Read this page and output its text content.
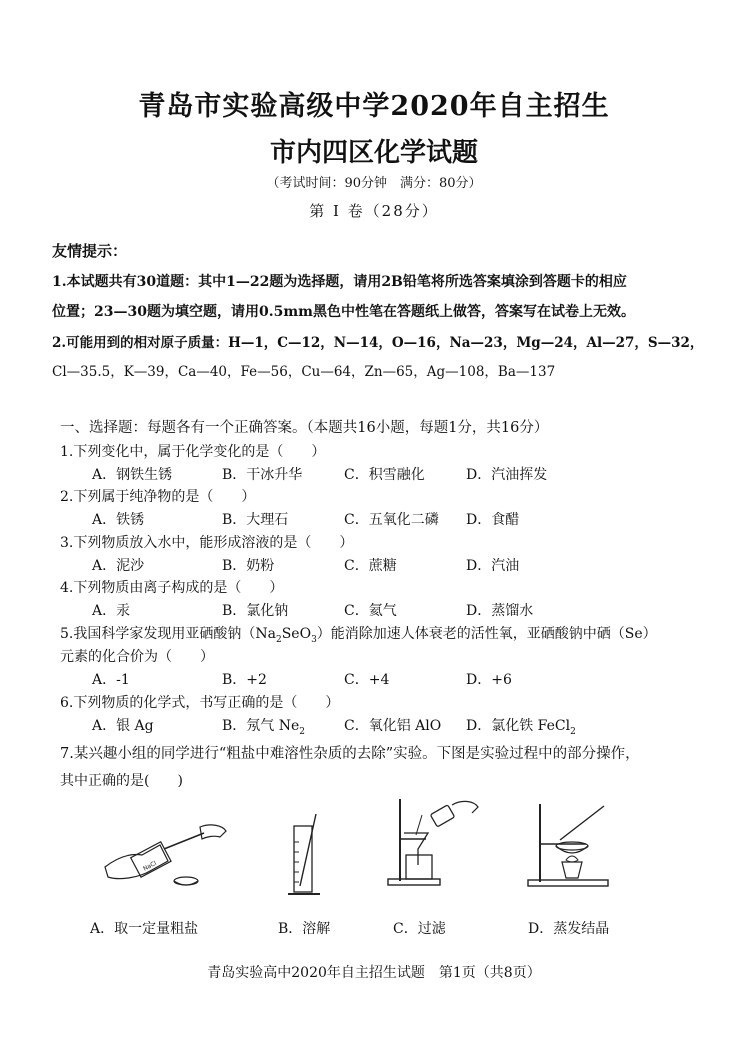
青岛市实验高级中学2020年自主招生
市内四区化学试题
（考试时间：90分钟　满分：80分）
第 Ⅰ 卷（28分）
友情提示：
1.本试题共有30道题：其中1—22题为选择题，请用2B铅笔将所选答案填涂到答题卡的相应
位置；23—30题为填空题，请用0.5mm黑色中性笔在答题纸上做答，答案写在试卷上无效。
2.可能用到的相对原子质量：H—1，C—12，N—14，O—16，Na—23，Mg—24，Al—27，S—32，
Cl—35.5，K—39，Ca—40，Fe—56，Cu—64，Zn—65，Ag—108，Ba—137
一、选择题：每题各有一个正确答案。（本题共16小题，每题1分，共16分）
1.下列变化中，属于化学变化的是（　　）
A．钢铁生锈	B．干冰升华	C．积雪融化	D．汽油挥发
2.下列属于纯净物的是（　　）
A．铁锈	B．大理石	C．五氧化二磷 D．食醋
3.下列物质放入水中，能形成溶液的是（　　）
A．泥沙	B．奶粉	C．蔗糖	D．汽油
4.下列物质由离子构成的是（　　）
A．汞	B．氯化钠	C．氦气	D．蒸馏水
5.我国科学家发现用亚硒酸钠$(Na_2SeO_3)$能消除加速人体衰老的活性氧，亚硒酸钠中硒（Se）
元素的化合价为（　　）
A．-1	B．+2	C．+4	D．+6
6.下列物质的化学式，书写正确的是（　　）
A．银 Ag	B．氖气 $Ne_2$	C．氧化铝 AlO D．氯化铁 FeCl$_2$
7.某兴趣小组的同学进行“粗盐中难溶性杂质的去除”实验。下图是实验过程中的部分操作，
其中正确的是(　　)
NaCl
A．取一定量粗盐	B．溶解	C．过滤	D．蒸发结晶
青岛实验高中2020年自主招生试题　第1页（共8页）
